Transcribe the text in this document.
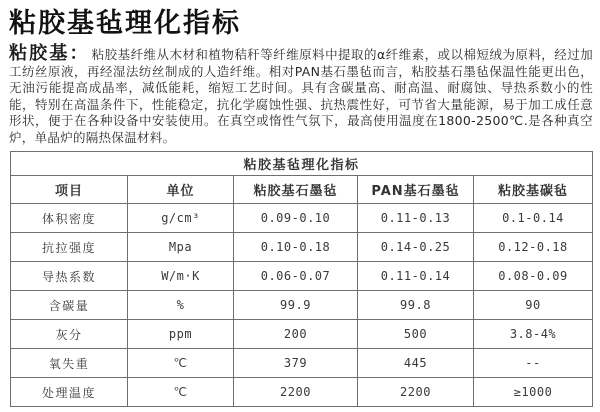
粘胶基毡理化指标

粘胶基： 粘胶基纤维从木材和植物秸秆等纤维原料中提取的α纤维素，或以棉短绒为原料，经过加工纺丝原液，再经湿法纺丝制成的人造纤维。相对PAN基石墨毡而言，粘胶基石墨毡保温性能更出色，无油污能提高成晶率，减低能耗，缩短工艺时间。具有含碳量高、耐高温、耐腐蚀、导热系数小的性能，特别在高温条件下，性能稳定，抗化学腐蚀性强、抗热震性好，可节省大量能源，易于加工成任意形状，便于在各种设备中安装使用。在真空或惰性气氛下，最高使用温度在1800-2500℃.是各种真空炉，单晶炉的隔热保温材料。

粘胶基毡理化指标				
项目	单位	粘胶基石墨毡	PAN基石墨毡	粘胶基碳毡
体积密度	g/cm³	0.09-0.10	0.11-0.13	0.1-0.14
抗拉强度	Mpa	0.10-0.18	0.14-0.25	0.12-0.18
导热系数	W/m·K	0.06-0.07	0.11-0.14	0.08-0.09
含碳量	%	99.9	99.8	90
灰分	ppm	200	500	3.8-4%
氧失重	℃	379	445	--
处理温度	℃	2200	2200	≥1000
